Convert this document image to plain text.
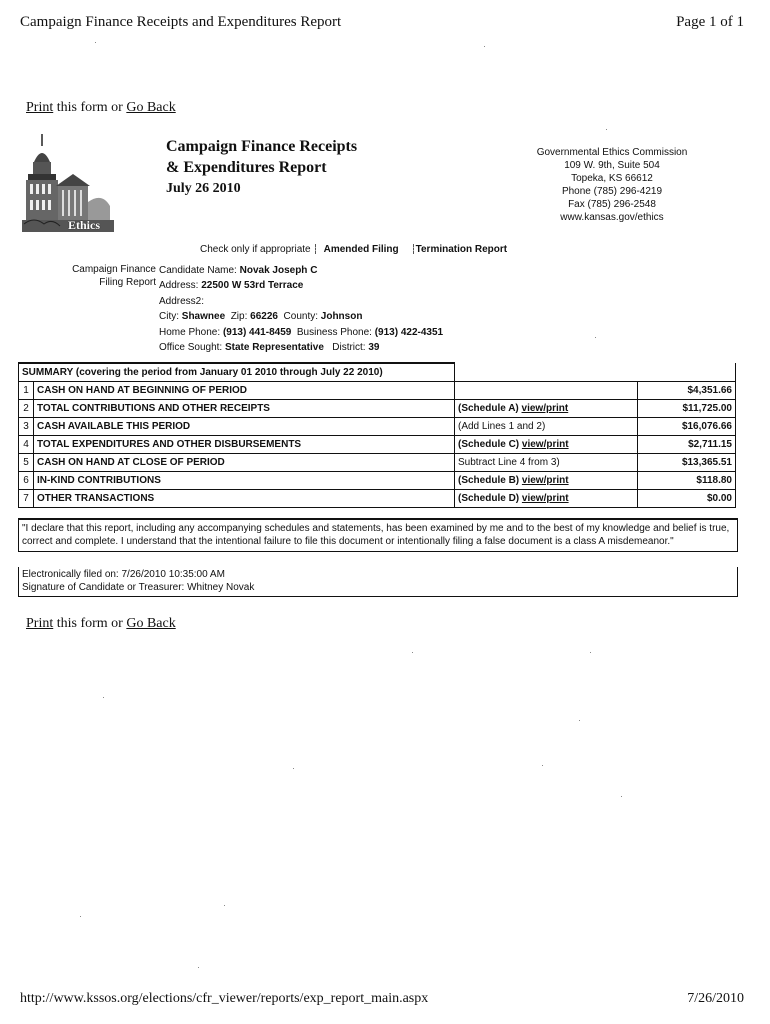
Campaign Finance Receipts and Expenditures Report	Page 1 of 1
Print this form or Go Back
Ethics
Campaign Finance Receipts
& Expenditures Report
July 26 2010
Governmental Ethics Commission
109 W. 9th, Suite 504
Topeka, KS 66612
Phone (785) 296-4219
Fax (785) 296-2548
www.kansas.gov/ethics
Check only if appropriate Amended Filing Termination Report
Campaign Finance
Filing Report
Candidate Name: Novak Joseph C
Address: 22500 W 53rd Terrace
Address2:
City: Shawnee Zip: 66226 County: Johnson
Home Phone: (913) 441-8459 Business Phone: (913) 422-4351
Office Sought: State Representative District: 39
SUMMARY (covering the period from January 01 2010 through July 22 2010)			
1	CASH ON HAND AT BEGINNING OF PERIOD		$4,351.66
2	TOTAL CONTRIBUTIONS AND OTHER RECEIPTS	(Schedule A) view/print	$11,725.00
3	CASH AVAILABLE THIS PERIOD	(Add Lines 1 and 2)	$16,076.66
4	TOTAL EXPENDITURES AND OTHER DISBURSEMENTS	(Schedule C) view/print	$2,711.15
5	CASH ON HAND AT CLOSE OF PERIOD	Subtract Line 4 from 3)	$13,365.51
6	IN-KIND CONTRIBUTIONS	(Schedule B) view/print	$118.80
7	OTHER TRANSACTIONS	(Schedule D) view/print	$0.00
"I declare that this report, including any accompanying schedules and statements, has been examined by me and to the best of my knowledge and belief is true, correct and complete. I understand that the intentional failure to file this document or intentionally filing a false document is a class A misdemeanor."
Electronically filed on: 7/26/2010 10:35:00 AM
Signature of Candidate or Treasurer: Whitney Novak
Print this form or Go Back
http://www.kssos.org/elections/cfr_viewer/reports/exp_report_main.aspx	7/26/2010
